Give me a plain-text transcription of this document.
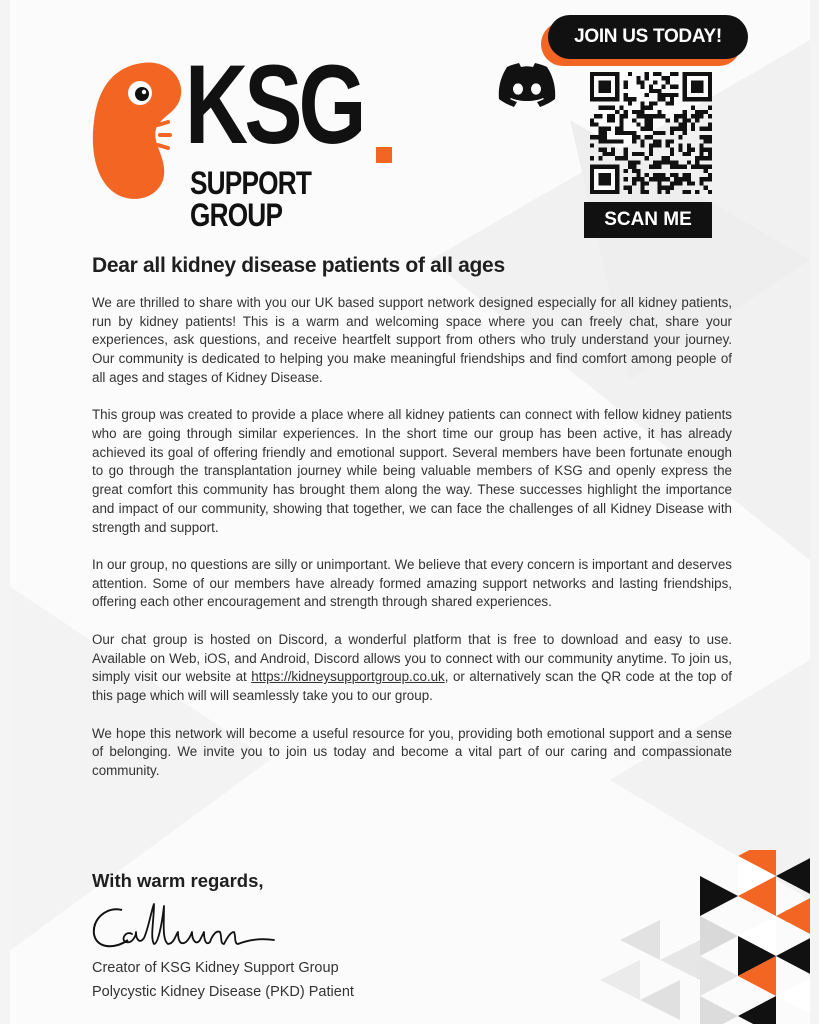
KSG
SUPPORT GROUP
JOIN US TODAY!
SCAN ME
Dear all kidney disease patients of all ages

We are thrilled to share with you our UK based support network designed especially for all kidney patients, run by kidney patients! This is a warm and welcoming space where you can freely chat, share your experiences, ask questions, and receive heartfelt support from others who truly understand your journey. Our community is dedicated to helping you make meaningful friendships and find comfort among people of all ages and stages of Kidney Disease.

This group was created to provide a place where all kidney patients can connect with fellow kidney patients who are going through similar experiences. In the short time our group has been active, it has already achieved its goal of offering friendly and emotional support. Several members have been fortunate enough to go through the transplantation journey while being valuable members of KSG and openly express the great comfort this community has brought them along the way. These successes highlight the importance and impact of our community, showing that together, we can face the challenges of all Kidney Disease with strength and support.

In our group, no questions are silly or unimportant. We believe that every concern is important and deserves attention. Some of our members have already formed amazing support networks and lasting friendships, offering each other encouragement and strength through shared experiences.

Our chat group is hosted on Discord, a wonderful platform that is free to download and easy to use. Available on Web, iOS, and Android, Discord allows you to connect with our community anytime. To join us, simply visit our website at https://kidneysupportgroup.co.uk, or alternatively scan the QR code at the top of this page which will will seamlessly take you to our group.

We hope this network will become a useful resource for you, providing both emotional support and a sense of belonging. We invite you to join us today and become a vital part of our caring and compassionate community.

With warm regards,
Creator of KSG Kidney Support Group
Polycystic Kidney Disease (PKD) Patient
